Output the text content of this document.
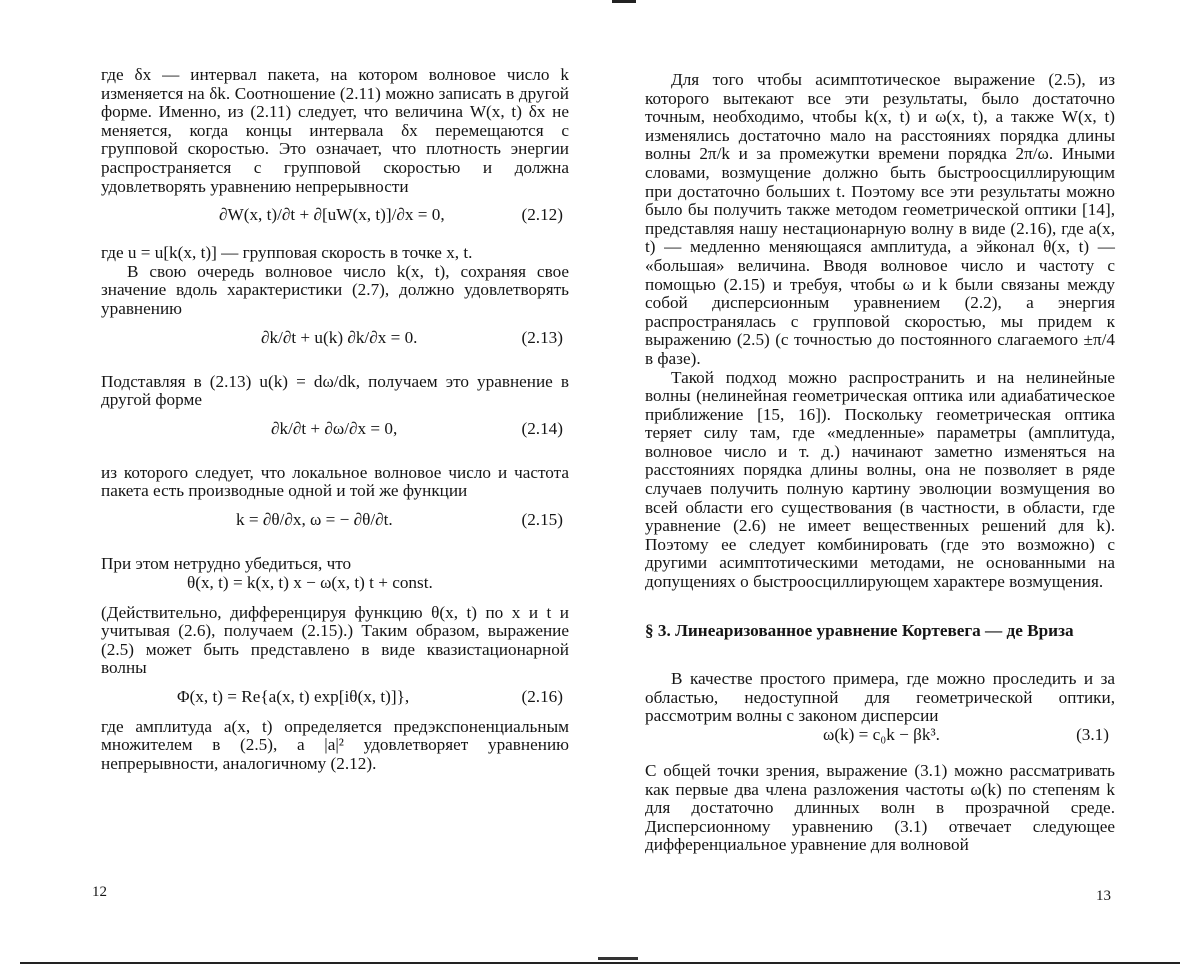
где δx — интервал пакета, на котором волновое число k изменяется на δk. Соотношение (2.11) можно записать в другой форме. Именно, из (2.11) следует, что величина W(x, t) δx не меняется, когда концы интервала δx перемещаются с групповой скоростью. Это означает, что плотность энергии распространяется с групповой скоростью и должна удовлетворять уравнению непрерывности

∂W(x, t)/∂t + ∂[uW(x, t)]/∂x = 0,	(2.12)

где u = u[k(x, t)] — групповая скорость в точке x, t.

В свою очередь волновое число k(x, t), сохраняя свое значение вдоль характеристики (2.7), должно удовлетворять уравнению

∂k/∂t + u(k) ∂k/∂x = 0.	(2.13)

Подставляя в (2.13) u(k) = dω/dk, получаем это уравнение в другой форме

∂k/∂t + ∂ω/∂x = 0,	(2.14)

из которого следует, что локальное волновое число и частота пакета есть производные одной и той же функции

k = ∂θ/∂x, ω = − ∂θ/∂t.	(2.15)

При этом нетрудно убедиться, что

θ(x, t) = k(x, t) x − ω(x, t) t + const.

(Действительно, дифференцируя функцию θ(x, t) по x и t и учитывая (2.6), получаем (2.15).) Таким образом, выражение (2.5) может быть представлено в виде квазистационарной волны

Φ(x, t) = Re{a(x, t) exp[iθ(x, t)]},	(2.16)

где амплитуда a(x, t) определяется предэкспоненциальным множителем в (2.5), а |a|² удовлетворяет уравнению непрерывности, аналогичному (2.12).

12

Для того чтобы асимптотическое выражение (2.5), из которого вытекают все эти результаты, было достаточно точным, необходимо, чтобы k(x, t) и ω(x, t), а также W(x, t) изменялись достаточно мало на расстояниях порядка длины волны 2π/k и за промежутки времени порядка 2π/ω. Иными словами, возмущение должно быть быстроосциллирующим при достаточно больших t. Поэтому все эти результаты можно было бы получить также методом геометрической оптики [14], представляя нашу нестационарную волну в виде (2.16), где a(x, t) — медленно меняющаяся амплитуда, а эйконал θ(x, t) — «большая» величина. Вводя волновое число и частоту с помощью (2.15) и требуя, чтобы ω и k были связаны между собой дисперсионным уравнением (2.2), а энергия распространялась с групповой скоростью, мы придем к выражению (2.5) (с точностью до постоянного слагаемого ±π/4 в фазе).

Такой подход можно распространить и на нелинейные волны (нелинейная геометрическая оптика или адиабатическое приближение [15, 16]). Поскольку геометрическая оптика теряет силу там, где «медленные» параметры (амплитуда, волновое число и т. д.) начинают заметно изменяться на расстояниях порядка длины волны, она не позволяет в ряде случаев получить полную картину эволюции возмущения во всей области его существования (в частности, в области, где уравнение (2.6) не имеет вещественных решений для k). Поэтому ее следует комбинировать (где это возможно) с другими асимптотическими методами, не основанными на допущениях о быстроосциллирующем характере возмущения.

§ 3. Линеаризованное уравнение Кортевега — де Вриза

В качестве простого примера, где можно проследить и за областью, недоступной для геометрической оптики, рассмотрим волны с законом дисперсии

ω(k) = c₀k − βk³.	(3.1)

С общей точки зрения, выражение (3.1) можно рассматривать как первые два члена разложения частоты ω(k) по степеням k для достаточно длинных волн в прозрачной среде. Дисперсионному уравнению (3.1) отвечает следующее дифференциальное уравнение для волновой

13
